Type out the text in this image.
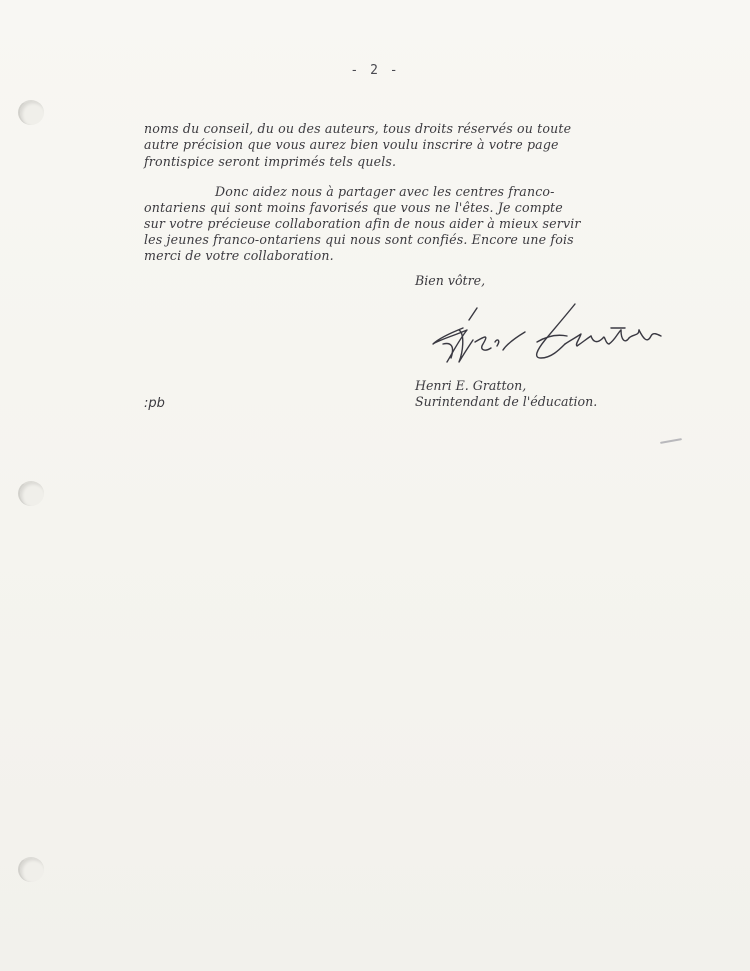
- 2 -
noms du conseil, du ou des auteurs, tous droits réservés ou toute
autre précision que vous aurez bien voulu inscrire à votre page
frontispice seront imprimés tels quels.
Donc aidez nous à partager avec les centres franco-
ontariens qui sont moins favorisés que vous ne l'êtes. Je compte
sur votre précieuse collaboration afin de nous aider à mieux servir
les jeunes franco-ontariens qui nous sont confiés. Encore une fois
merci de votre collaboration.
Bien vôtre,
Henri E. Gratton,
Surintendant de l'éducation.
:pb
